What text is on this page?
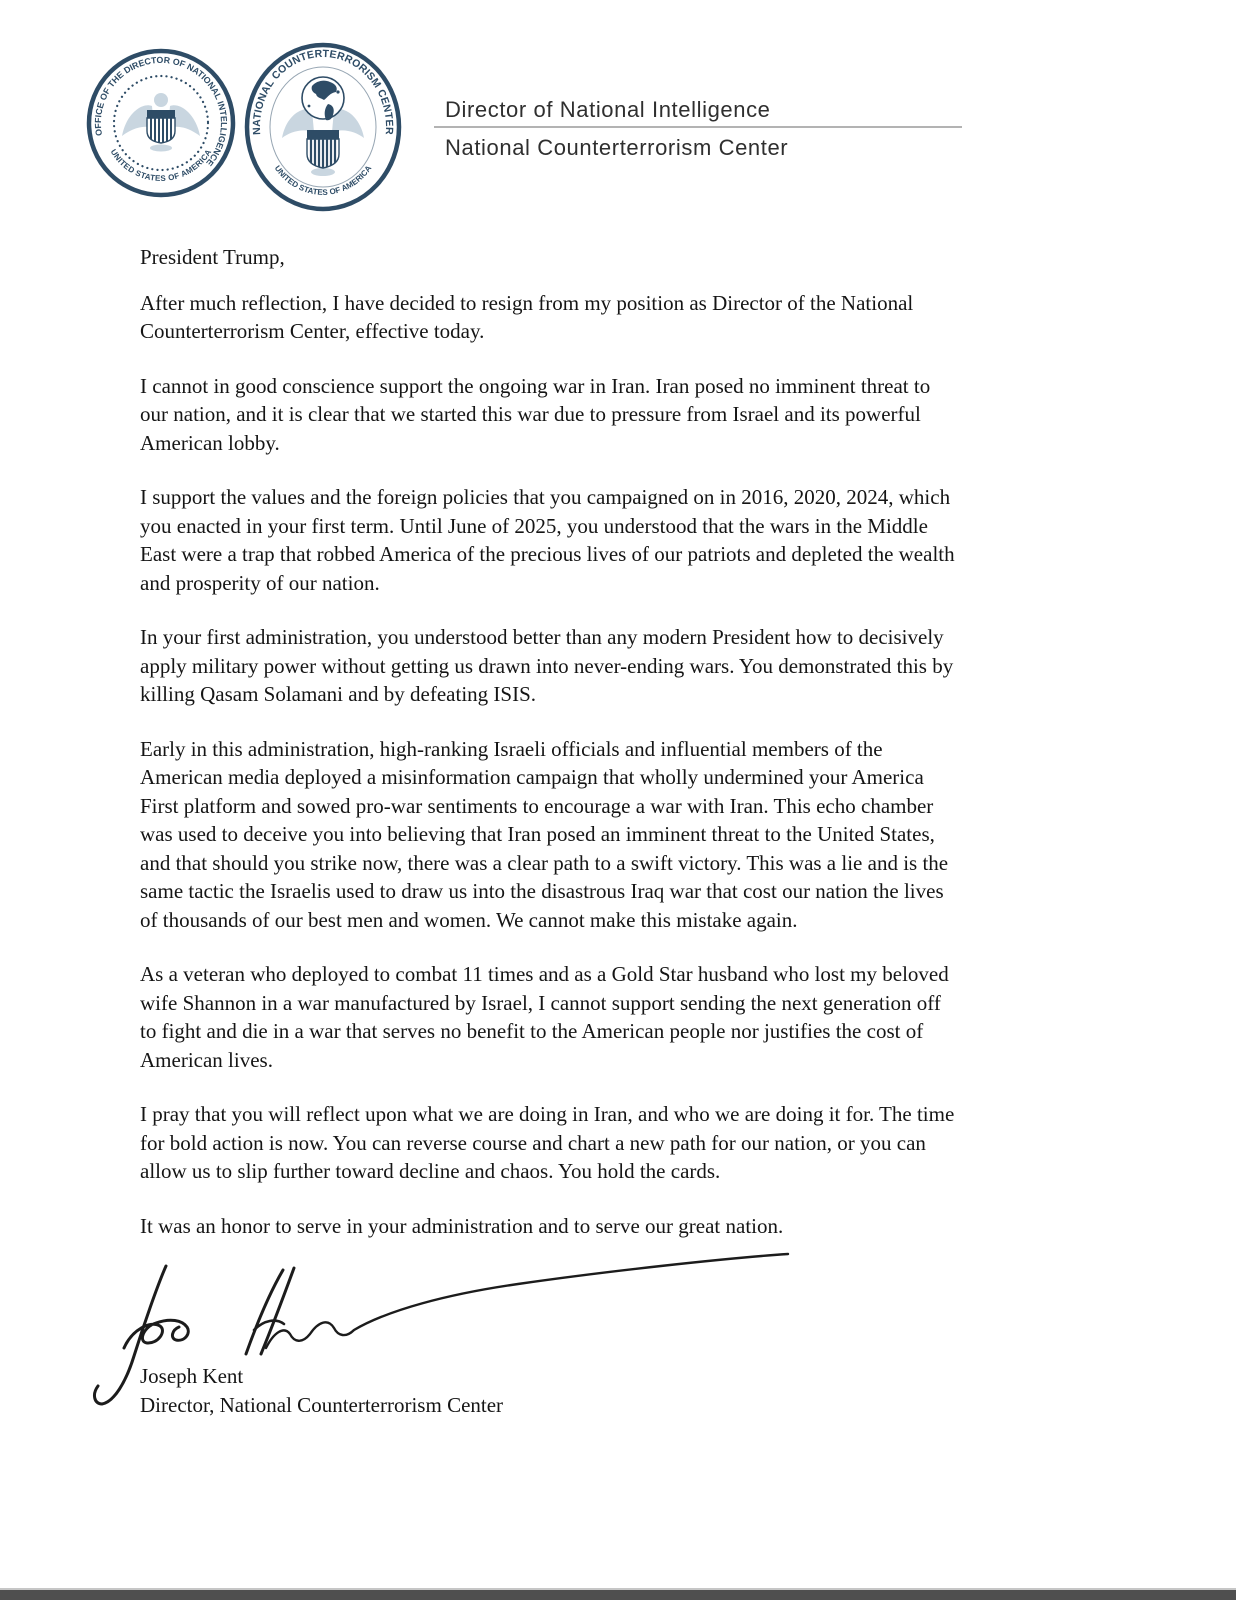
OFFICE OF THE DIRECTOR OF NATIONAL INTELLIGENCE
UNITED STATES OF AMERICA
NATIONAL COUNTERTERRORISM CENTER
UNITED STATES OF AMERICA
Director of National Intelligence
National Counterterrorism Center

President Trump,

After much reflection, I have decided to resign from my position as Director of the National
Counterterrorism Center, effective today.

I cannot in good conscience support the ongoing war in Iran. Iran posed no imminent threat to
our nation, and it is clear that we started this war due to pressure from Israel and its powerful
American lobby.

I support the values and the foreign policies that you campaigned on in 2016, 2020, 2024, which
you enacted in your first term. Until June of 2025, you understood that the wars in the Middle
East were a trap that robbed America of the precious lives of our patriots and depleted the wealth
and prosperity of our nation.

In your first administration, you understood better than any modern President how to decisively
apply military power without getting us drawn into never-ending wars. You demonstrated this by
killing Qasam Solamani and by defeating ISIS.

Early in this administration, high-ranking Israeli officials and influential members of the
American media deployed a misinformation campaign that wholly undermined your America
First platform and sowed pro-war sentiments to encourage a war with Iran. This echo chamber
was used to deceive you into believing that Iran posed an imminent threat to the United States,
and that should you strike now, there was a clear path to a swift victory. This was a lie and is the
same tactic the Israelis used to draw us into the disastrous Iraq war that cost our nation the lives
of thousands of our best men and women. We cannot make this mistake again.

As a veteran who deployed to combat 11 times and as a Gold Star husband who lost my beloved
wife Shannon in a war manufactured by Israel, I cannot support sending the next generation off
to fight and die in a war that serves no benefit to the American people nor justifies the cost of
American lives.

I pray that you will reflect upon what we are doing in Iran, and who we are doing it for. The time
for bold action is now. You can reverse course and chart a new path for our nation, or you can
allow us to slip further toward decline and chaos. You hold the cards.

It was an honor to serve in your administration and to serve our great nation.

Joseph Kent
Director, National Counterterrorism Center
